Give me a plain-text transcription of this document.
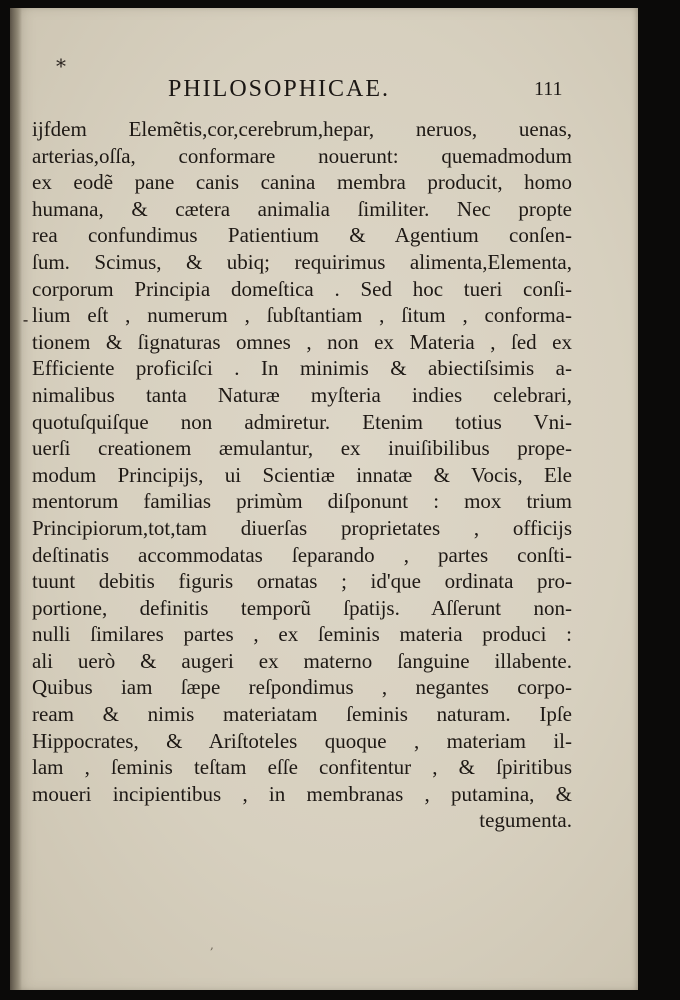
*
PHILOSOPHICAE.	111
⁃
ijfdem Elemẽtis,cor,cerebrum,hepar, neruos, uenas,
arterias,oſſa, conformare nouerunt: quemadmodum
ex eodẽ pane canis canina membra producit, homo
humana, & cætera animalia ſimiliter. Nec propte
rea confundimus Patientium & Agentium conſen-
ſum. Scimus, & ubiq; requirimus alimenta,Elementa,
corporum Principia domeſtica . Sed hoc tueri conſi-
lium eſt , numerum , ſubſtantiam , ſitum , conforma-
tionem & ſignaturas omnes , non ex Materia , ſed ex
Efficiente proficiſci . In minimis & abiectiſsimis a-
nimalibus tanta Naturæ myſteria indies celebrari,
quotuſquiſque non admiretur. Etenim totius Vni-
uerſi creationem æmulantur, ex inuiſibilibus prope-
modum Principijs, ui Scientiæ innatæ & Vocis, Ele
mentorum familias primùm diſponunt : mox trium
Principiorum,tot,tam diuerſas proprietates , officijs
deſtinatis accommodatas ſeparando , partes conſti-
tuunt debitis figuris ornatas ; id'que ordinata pro-
portione, definitis temporũ ſpatijs. Aſſerunt non-
nulli ſimilares partes , ex ſeminis materia produci :
ali uerò & augeri ex materno ſanguine illabente.
Quibus iam ſæpe reſpondimus , negantes corpo-
ream & nimis materiatam ſeminis naturam. Ipſe
Hippocrates, & Ariſtoteles quoque , materiam il-
lam , ſeminis teſtam eſſe confitentur , & ſpiritibus
moueri incipientibus , in membranas , putamina, &
tegumenta.
,
